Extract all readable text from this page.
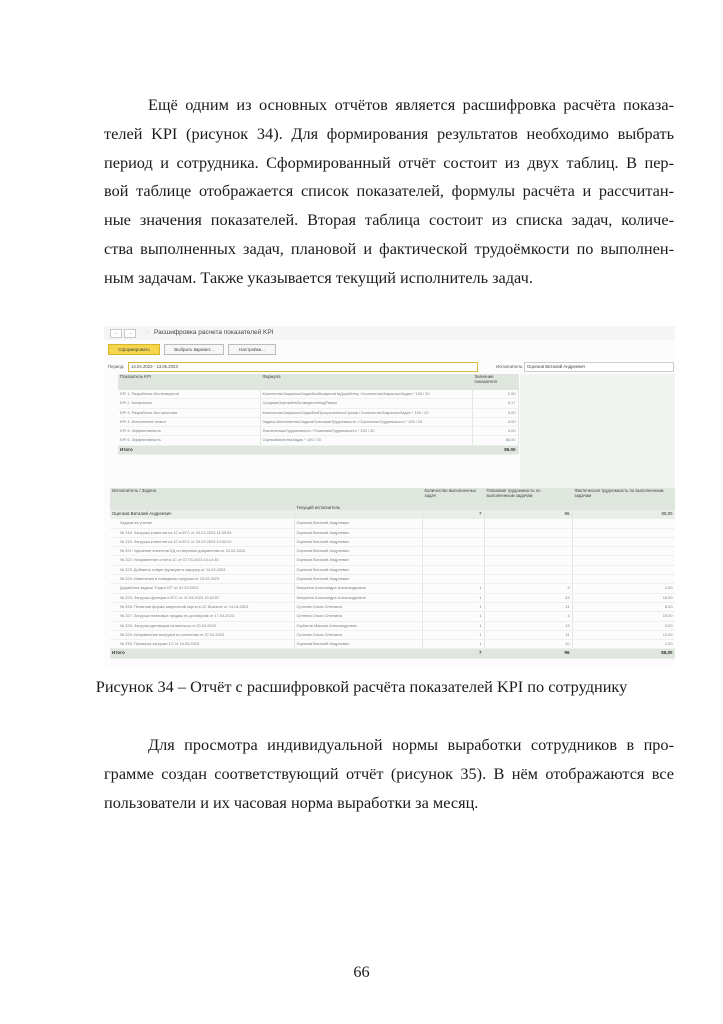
Ещё одним из основных отчётов является расшифровка расчёта показа-
телей KPI (рисунок 34). Для формирования результатов необходимо выбрать
период и сотрудника. Сформированный отчёт состоит из двух таблиц. В пер-
вой таблице отображается список показателей, формулы расчёта и рассчитан-
ные значения показателей. Вторая таблица состоит из списка задач, количе-
ства выполненных задач, плановой и фактической трудоёмкости по выполнен-
ным задачам. Также указывается текущий исполнитель задач.
←	→	☆ Расшифровка расчета показателей KPI
Сформировать	Выбрать вариант...	Настройки...
Период:	14.04.2023 - 13.05.2023	Исполнитель: Оцепков Виталий Андреевич
Показатель KPI	Формула	Значение показателя
KPI 1. Разработка без возвратов	КоличествоЗакрытыхЗадачБезВозвратаНаДоработку / КоличествоЗакрытыхЗадач * 100 / 20	2.50
KPI 2. Конфликты	СредняяОценкаНаПроведениеКодРевью	5.17
KPI 3. Разработка без простоев	КоличествоЗакрытыхЗадачБезПросроченныхСроков / КоличествоЗакрытыхЗадач * 100 / 20	5.00
KPI 4. Исполнение плана	Задачи.ИсполнительЗадачиПлановаяТрудоемкость / ОценочнаяТрудоемкость * 100 / 20	5.00
KPI 5. Эффективность	ФактическаяТрудоемкость / ПлановаяТрудоемкость * 100 / 20	5.00
KPI 6. Эффективность	ОценкаКачестваЗадач * 100 / 20	85.00
Итого		85.00
Исполнитель / Задача	Текущий исполнитель	Количество выполненных задач	Плановая трудоемкость по выполненным задачам	Фактическая трудоемкость по выполненным задачам
Оцепков Виталий Андреевич		7	96	85,00
Задача на учение	Оцепков Виталий Андреевич			
№ 218: Загрузка клиентов из 1С в ЕГС от 20.02.2023 11:30:03	Оцепков Виталий Андреевич			
№ 219: Загрузка клиентов из 1С в ЕГС от 20.02.2023 14:30:02	Оцепков Виталий Андреевич			
№ 221: Удаление клиентов ЕД по верхним документам от 22.02.2023	Оцепков Виталий Андреевич			
№ 222: Исправление отчета 1С от 07.03.2023 15:14:40	Оцепков Виталий Андреевич			
№ 223: Добавить новую функцию в загрузку от 14.03.2023	Оцепков Виталий Андреевич			
№ 224: Изменения в поведении загрузки от 15.03.2023	Оцепков Виталий Андреевич			
Доработка задачи 'Отдел ИТ' от 31.03.2023	Никулина Александра Александровна	1	3	1.50
№ 225: Загрузка функции в ЕГС от 11.04.2023 10:40:57	Никулина Александра Александровна	1	43	16.00
№ 226: Печатная форма закупочной карты в 1С Бизнесе от 14.04.2023	Сутеева Ольга Олеговна	1	11	8.00
№ 227: Загрузка плановых продаж по договорам от 17.04.2023	Сутеева Ольга Олеговна	1	3	15.00
№ 228: Загрузка договоров из выписок от 20.04.2023	Горбатов Максим Александрович	1	13	3.00
№ 229: Исправление выгрузки по клиентам от 27.04.2023	Сутеева Ольга Олеговна	1	11	12.00
№ 230: Проверка загрузки 1С от 10.05.2023	Оцепков Виталий Андреевич	1	10	1.00
Итого		7	96	85,00
Рисунок 34 – Отчёт с расшифровкой расчёта показателей KPI по сотруднику
Для просмотра индивидуальной нормы выработки сотрудников в про-
грамме создан соответствующий отчёт (рисунок 35). В нём отображаются все
пользователи и их часовая норма выработки за месяц.
66
